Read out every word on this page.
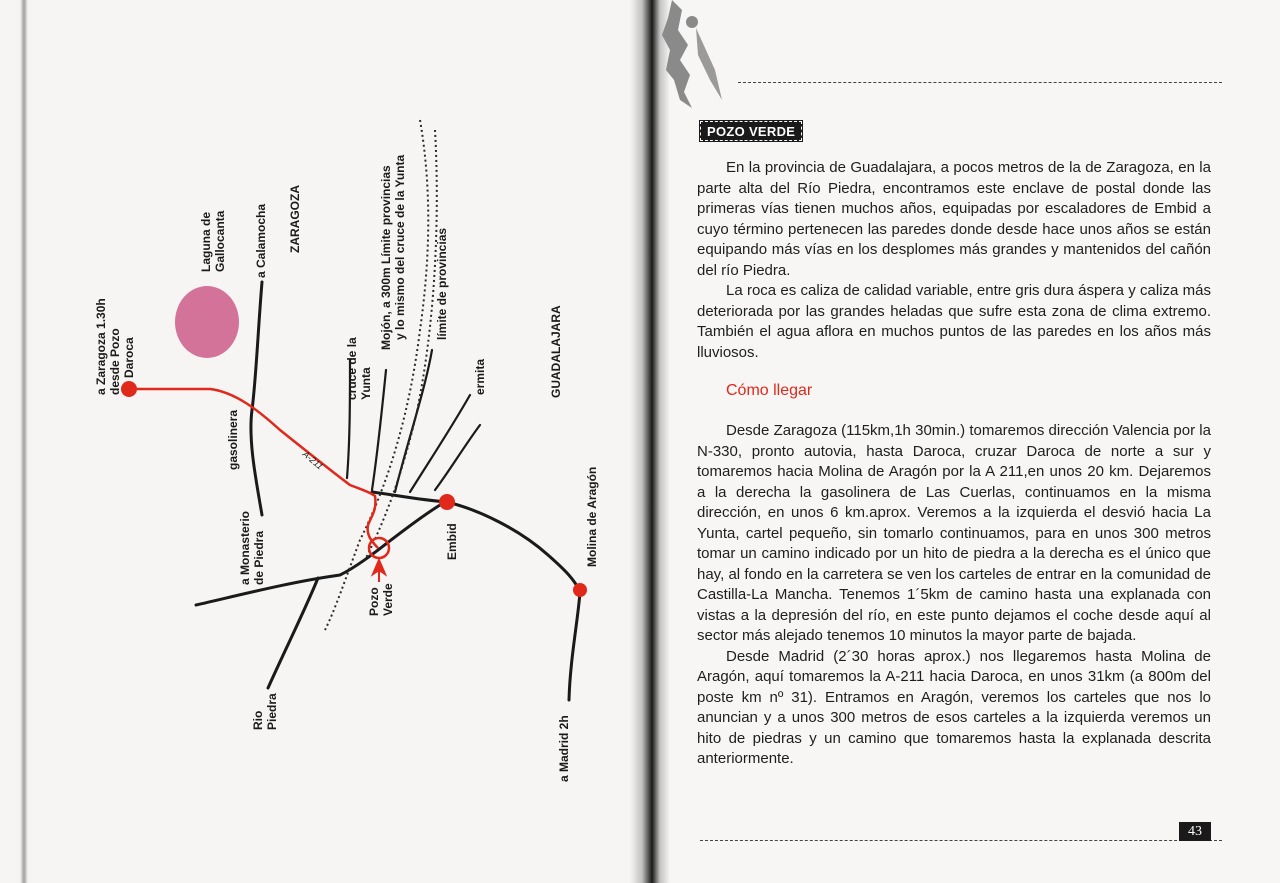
a Zaragoza 1.30h desde Pozo Daroca
gasolinera
a Monasterio de Piedra
Laguna de Gallocanta a Calamocha ZARAGOZA
cruce de la Yunta
Mojón, a 300m Límite provincias y lo mismo del cruce de la Yunta límite de provincias
ermita	GUADALAJARA
Embid	Molina de Aragón
Pozo Verde
Rio Piedra
a Madrid 2h
A-211
POZO VERDE

En la provincia de Guadalajara, a pocos metros de la de Zaragoza, en la parte alta del Río Piedra, encontramos este enclave de postal donde las primeras vías tienen muchos años, equipadas por escaladores de Embid a cuyo término pertenecen las paredes donde desde hace unos años se están equipando más vías en los desplomes más grandes y mantenidos del cañón del río Piedra.

La roca es caliza de calidad variable, entre gris dura áspera y caliza más deteriorada por las grandes heladas que sufre esta zona de clima extremo. También el agua aflora en muchos puntos de las paredes en los años más lluviosos.

Cómo llegar

Desde Zaragoza (115km,1h 30min.) tomaremos dirección Valencia por la N-330, pronto autovia, hasta Daroca, cruzar Daroca de norte a sur y tomaremos hacia Molina de Aragón por la A 211,en unos 20 km. Dejaremos a la derecha la gasolinera de Las Cuerlas, continuamos en la misma dirección, en unos 6 km.aprox. Veremos a la izquierda el desvió hacia La Yunta, cartel pequeño, sin tomarlo continuamos, para en unos 300 metros tomar un camino indicado por un hito de piedra a la derecha es el único que hay, al fondo en la carretera se ven los carteles de entrar en la comunidad de Castilla-La Mancha. Tenemos 1´5km de camino hasta una explanada con vistas a la depresión del río, en este punto dejamos el coche desde aquí al sector más alejado tenemos 10 minutos la mayor parte de bajada.

Desde Madrid (2´30 horas aprox.) nos llegaremos hasta Molina de Aragón, aquí tomaremos la A-211 hacia Daroca, en unos 31km (a 800m del poste km nº 31). Entramos en Aragón, veremos los carteles que nos lo anuncian y a unos 300 metros de esos carteles a la izquierda veremos un hito de piedras y un camino que tomaremos hasta la explanada descrita anteriormente.

43
